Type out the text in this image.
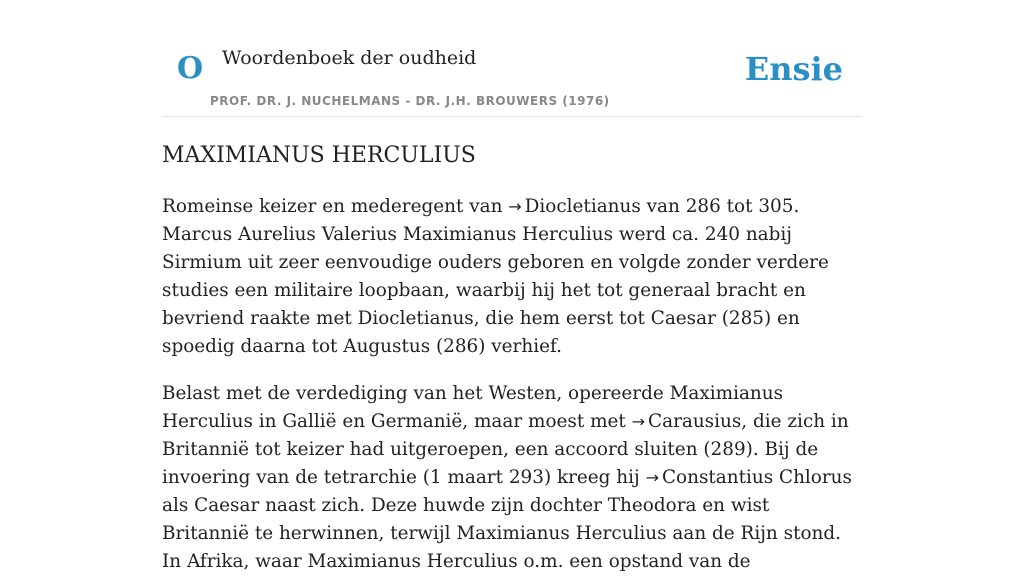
O Woordenboek der oudheid
PROF. DR. J. NUCHELMANS - DR. J.H. BROUWERS (1976)
Ensie
MAXIMIANUS HERCULIUS

Romeinse keizer en mederegent van → Diocletianus van 286 tot 305. Marcus Aurelius Valerius Maximianus Herculius werd ca. 240 nabij Sirmium uit zeer eenvoudige ouders geboren en volgde zonder verdere studies een militaire loopbaan, waarbij hij het tot generaal bracht en bevriend raakte met Diocletianus, die hem eerst tot Caesar (285) en spoedig daarna tot Augustus (286) verhief.

Belast met de verdediging van het Westen, opereerde Maximianus Herculius in Gallië en Germanië, maar moest met → Carausius, die zich in Britannië tot keizer had uitgeroepen, een accoord sluiten (289). Bij de invoering van de tetrarchie (1 maart 293) kreeg hij → Constantius Chlorus als Caesar naast zich. Deze huwde zijn dochter Theodora en wist Britannië te herwinnen, terwijl Maximianus Herculius aan de Rijn stond. In Afrika, waar Maximianus Herculius o.m. een opstand van de
